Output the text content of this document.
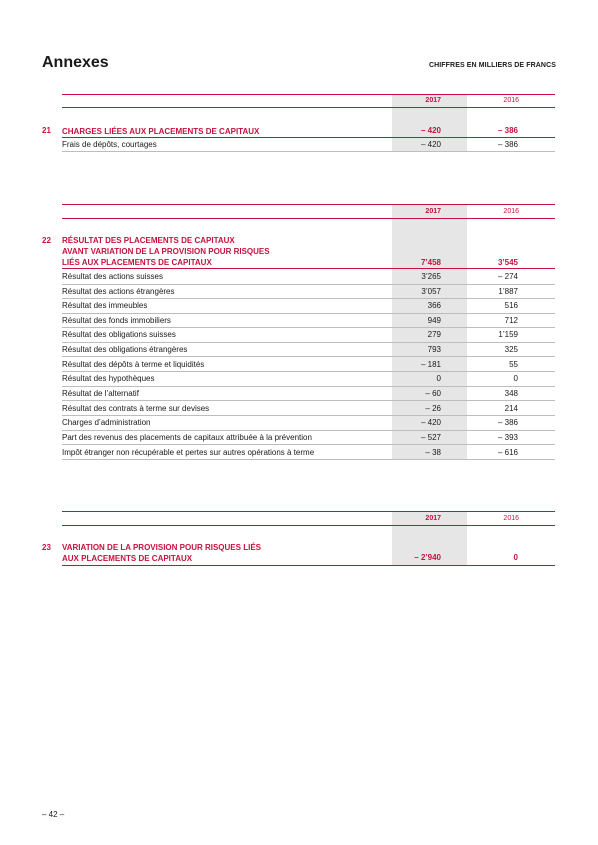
Annexes	CHIFFRES EN MILLIERS DE FRANCS
2017	2016
21 CHARGES LIÉES AUX PLACEMENTS DE CAPITAUX	– 420	– 386
Frais de dépôts, courtages	– 420	– 386
2017	2016
22 RÉSULTAT DES PLACEMENTS DE CAPITAUX
AVANT VARIATION DE LA PROVISION POUR RISQUES
LIÉS AUX PLACEMENTS DE CAPITAUX	7’458	3’545
Résultat des actions suisses	3’265	– 274
Résultat des actions étrangères	3’057	1’887
Résultat des immeubles	366	516
Résultat des fonds immobiliers	949	712
Résultat des obligations suisses	279	1’159
Résultat des obligations étrangères	793	325
Résultat des dépôts à terme et liquidités	– 181	55
Résultat des hypothèques	0	0
Résultat de l’alternatif	– 60	348
Résultat des contrats à terme sur devises	– 26	214
Charges d’administration	– 420	– 386
Part des revenus des placements de capitaux attribuée à la prévention	– 527	– 393
Impôt étranger non récupérable et pertes sur autres opérations à terme	– 38	– 616
2017	2016
23 VARIATION DE LA PROVISION POUR RISQUES LIÉS
AUX PLACEMENTS DE CAPITAUX	– 2’940	0
– 42 –
